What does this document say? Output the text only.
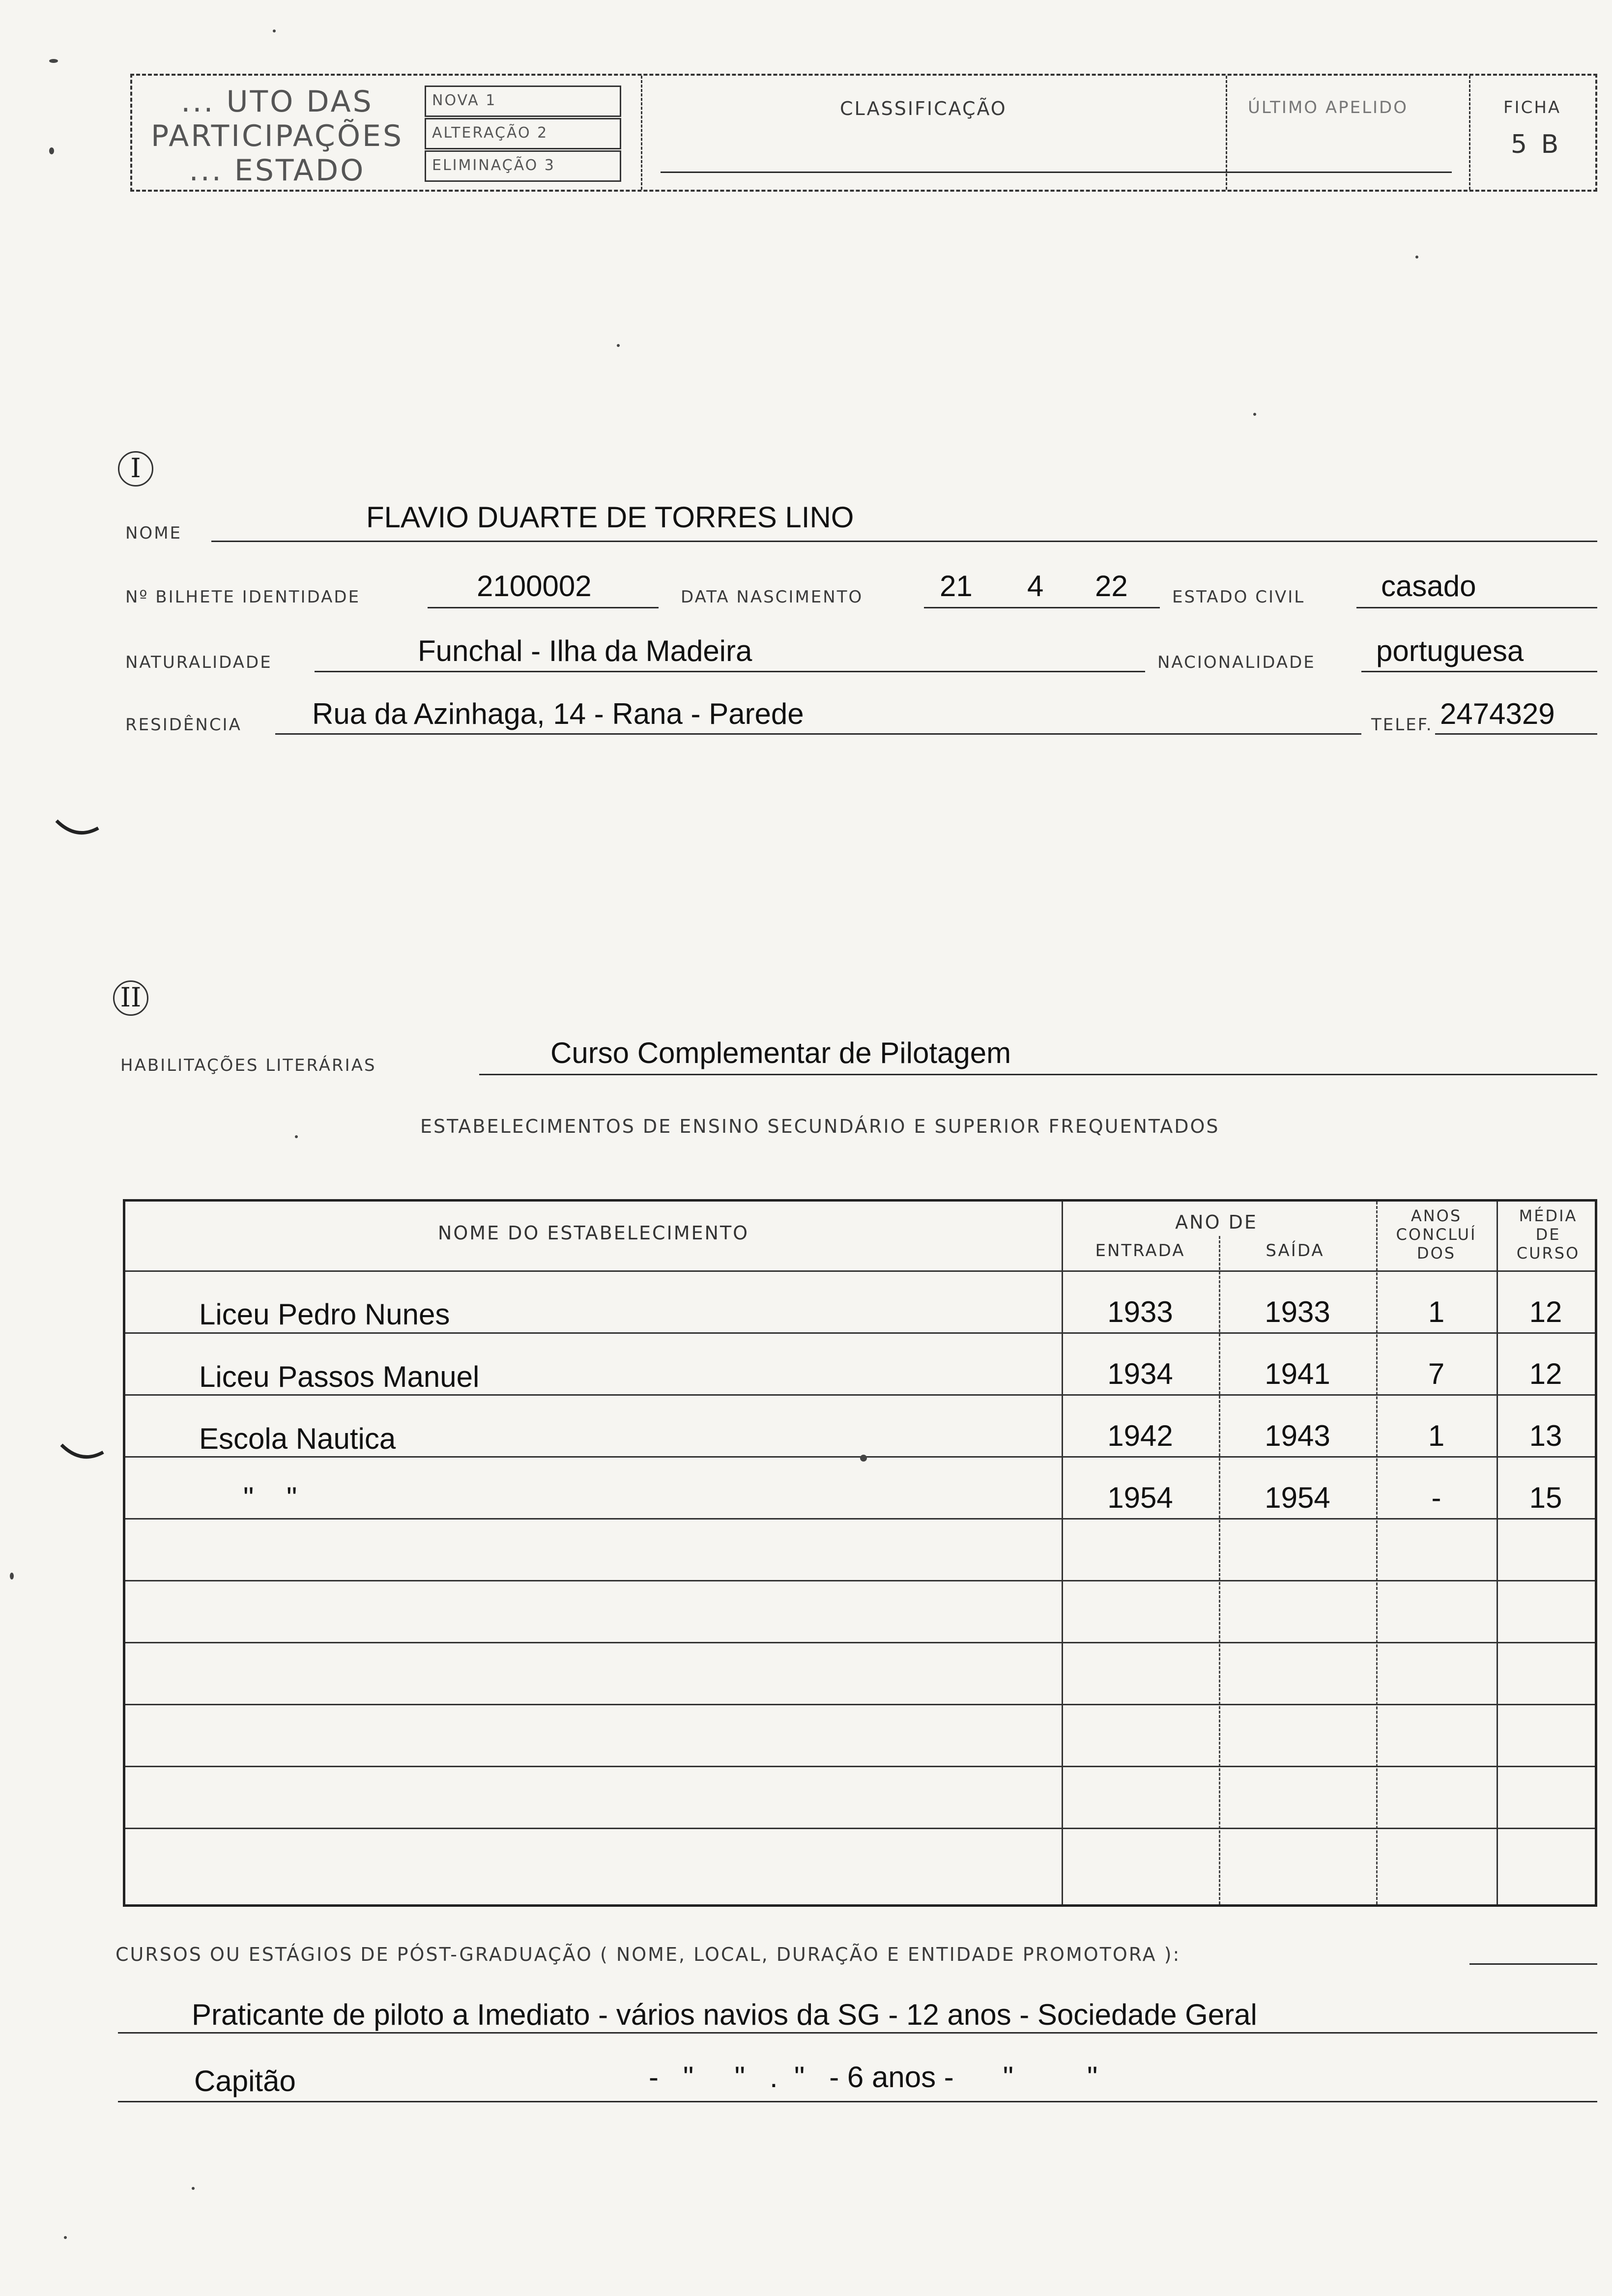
... UTO DAS
PARTICIPAÇÕES
... ESTADO
NOVA 1
ALTERAÇÃO 2
ELIMINAÇÃO 3
CLASSIFICAÇÃO	ÚLTIMO APELIDO	FICHA
5 B
I
NOME	FLAVIO DUARTE DE TORRES LINO
Nº BILHETE IDENTIDADE	2100002	DATA NASCIMENTO	21 4 22	ESTADO CIVIL	casado
NATURALIDADE	Funchal - Ilha da Madeira	NACIONALIDADE portuguesa
RESIDÊNCIA Rua da Azinhaga, 14 - Rana - Parede	TELEF. 2474329
II
HABILITAÇÕES LITERÁRIAS	Curso Complementar de Pilotagem
ESTABELECIMENTOS DE ENSINO SECUNDÁRIO E SUPERIOR FREQUENTADOS
NOME DO ESTABELECIMENTO	ANO DE
ENTRADA	SAÍDA
ANOS
CONCLUÍ
DOS
MÉDIA
DE
CURSO
Liceu Pedro Nunes	1933	1933	1	12
Liceu Passos Manuel	1934	1941	7	12
Escola Nautica	1942	1943	1	13
"    "	1954	1954	-	15
CURSOS OU ESTÁGIOS DE PÓST-GRADUAÇÃO ( NOME, LOCAL, DURAÇÃO E ENTIDADE PROMOTORA ):
Praticante de piloto a Imediato - vários navios da SG - 12 anos - Sociedade Geral
Capitão	-   "     "   .  "   - 6 anos -      "         "
